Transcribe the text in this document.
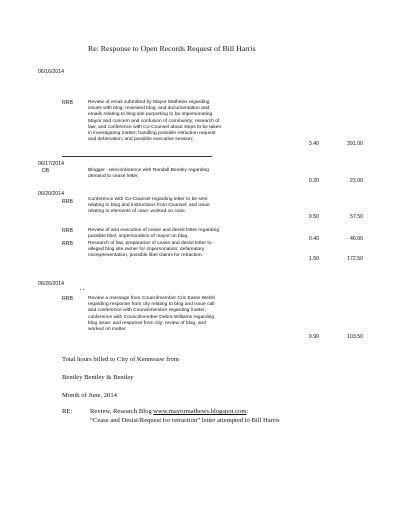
Re: Response to Open Records Request of Bill Harris
06/16/2014
RRB	Review of email submitted by Mayor Mathews regarding
issues with blog; reviewed blog; and documentation and
emails relating to blog site purporting to be impersonating
Mayor and concern and confusion of community; research of
law; and conference with Co-Counsel about steps to be taken
in investigating matter; handling possible retraction request
and defamation; and possible executive session;
3.40	391.00
06/17/2014
DB	Blogger - teleconference with Randall Bentley regarding
demand to cease letter.
0.20	23.00
06/20/2014
RRB	Conference with Co-Counsel regarding letter to be sent
relating to blog and instructions from Counsel; and issue
relating to elements of case; worked on case.
0.50	57.50
RRB	Review of and execution of cease and desist letter regarding
possible libel, impersonation of mayor on blog.	0.40	46.00
RRB	Research of law, preparation of cease and desist letter to
alleged blog site owner for impersonation; defamatory
misrepresentation, possible libel claims for retraction.
1.50	172.50
06/26/2014
RRB	Review a message from Councilmember Cris Eaton Welsh
regarding response from city relating to blog and issue call
and conference with Councilmember regarding matter;
conference with Councilmember Debra Williams regarding
blog issue; and response from city; review of blog, and
worked on matter.
0.90	103.50
Total hours billed to City of Kennesaw from
Bentley Bentley & Bentley
Month of June, 2014
RE:	Review, Research Blog www.mayormathews.blogspot.com:
“Cease and Desist/Request for retraction” letter attempted to Bill Harris
